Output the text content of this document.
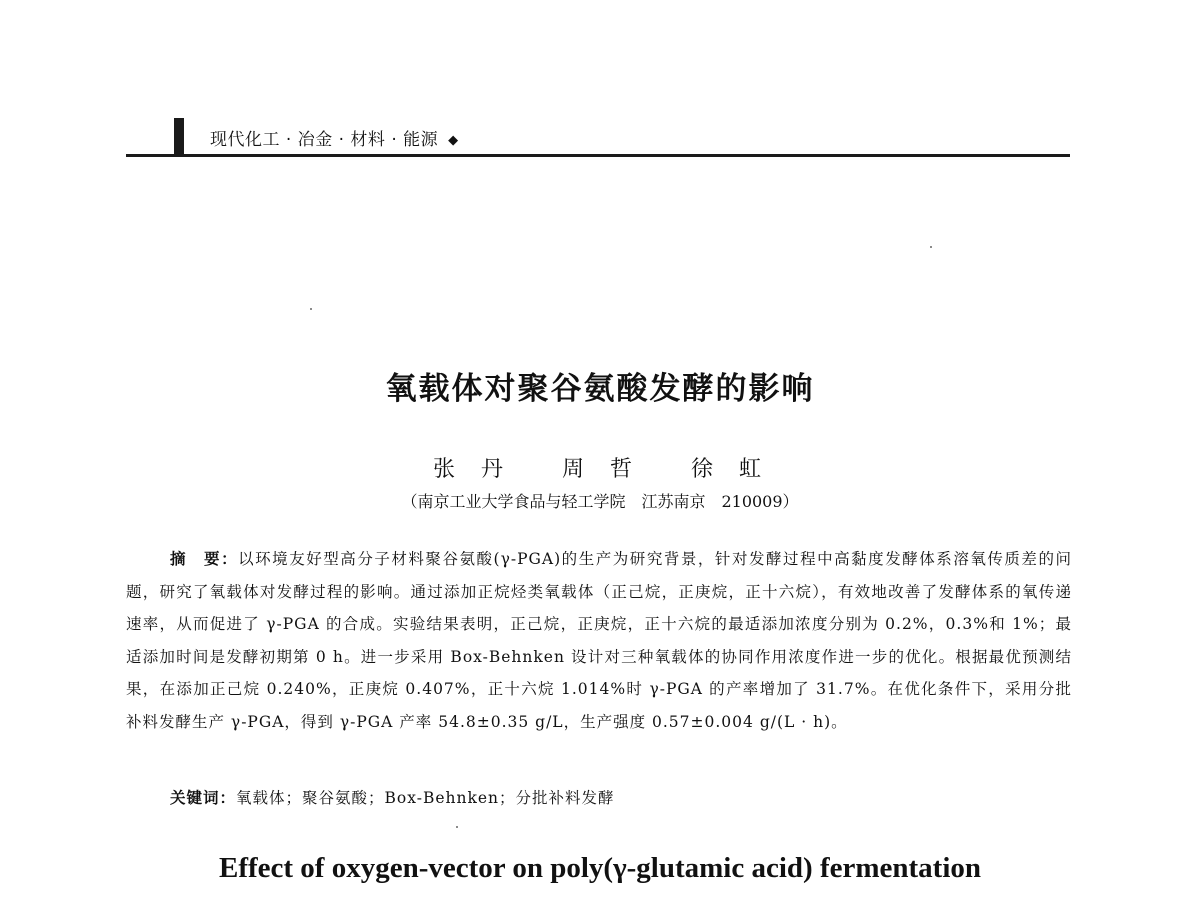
现代化工 · 冶金 · 材料 · 能源 ◆
氧载体对聚谷氨酸发酵的影响
张丹 周哲 徐虹
（南京工业大学食品与轻工学院　江苏南京　210009）
摘　要：以环境友好型高分子材料聚谷氨酸(γ-PGA)的生产为研究背景，针对发酵过程中高黏度发酵体系溶氧传质差的问题，研究了氧载体对发酵过程的影响。通过添加正烷烃类氧载体（正己烷，正庚烷，正十六烷），有效地改善了发酵体系的氧传递速率，从而促进了 γ-PGA 的合成。实验结果表明，正己烷，正庚烷，正十六烷的最适添加浓度分别为 0.2%，0.3%和 1%；最适添加时间是发酵初期第 0 h。进一步采用 Box-Behnken 设计对三种氧载体的协同作用浓度作进一步的优化。根据最优预测结果，在添加正己烷 0.240%，正庚烷 0.407%，正十六烷 1.014%时 γ-PGA 的产率增加了 31.7%。在优化条件下，采用分批补料发酵生产 γ-PGA，得到 γ-PGA 产率 54.8±0.35 g/L，生产强度 0.57±0.004 g/(L · h)。
关键词：氧载体；聚谷氨酸；Box-Behnken；分批补料发酵
Effect of oxygen-vector on poly(γ-glutamic acid) fermentation
